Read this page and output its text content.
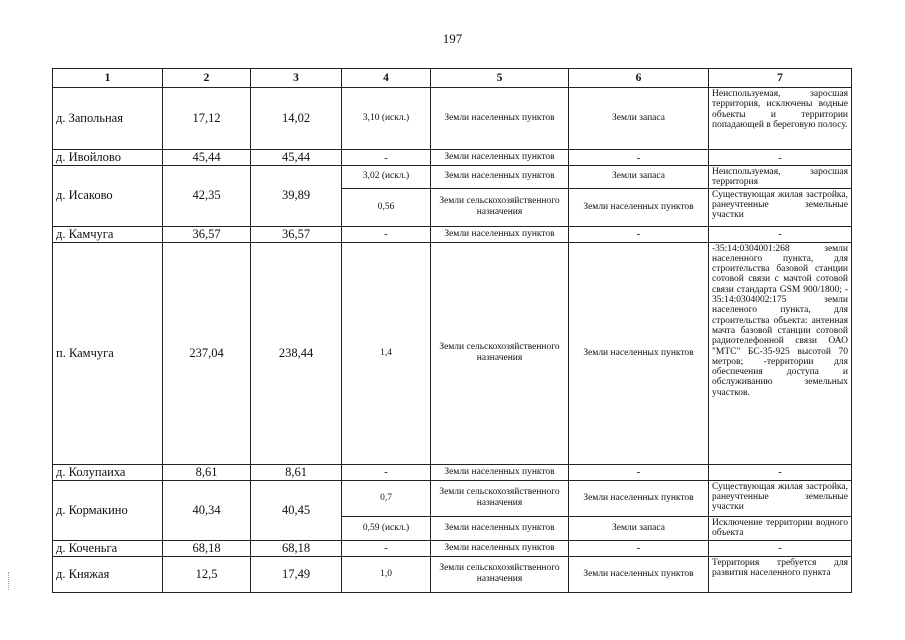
197
1	2	3	4	5	6	7
д. Запольная	17,12	14,02	3,10 (искл.)	Земли населенных пунктов	Земли запаса	Неиспользуемая, заросшая территория, исключены водные объекты и территории попадающей в береговую полосу.
д. Ивойлово	45,44	45,44	-	Земли населенных пунктов	-	-
д. Исаково	42,35	39,89	3,02 (искл.)	Земли населенных пунктов	Земли запаса	Неиспользуемая, заросшая территория
			0,56	Земли сельскохозяйственного назначения	Земли населенных пунктов	Существующая жилая застройка, ранеучтенные земельные участки
д. Камчуга	36,57	36,57	-	Земли населенных пунктов	-	-
п. Камчуга	237,04	238,44	1,4	Земли сельскохозяйственного назначения	Земли населенных пунктов	-35:14:0304001:268 земли населенного пункта, для строительства базовой станции сотовой связи с мачтой сотовой связи стандарта GSM 900/1800; - 35:14:0304002:175 земли населеного пункта, для строительства объекта: антенная мачта базовой станции сотовой радиотелефонной связи ОАО "МТС" БС-35-925 высотой 70 метров; -территории для обеспечения доступа и обслуживанию земельных участков.
д. Колупаиха	8,61	8,61	-	Земли населенных пунктов	-	-
д. Кормакино	40,34	40,45	0,7	Земли сельскохозяйственного назначения	Земли населенных пунктов	Существующая жилая застройка, ранеучтенные земельные участки
			0,59 (искл.)	Земли населенных пунктов	Земли запаса	Исключение территории водного объекта
д. Коченьга	68,18	68,18	-	Земли населенных пунктов	-	-
д. Княжая	12,5	17,49	1,0	Земли сельскохозяйственного назначения	Земли населенных пунктов	Территория требуется для развития населенного пункта
